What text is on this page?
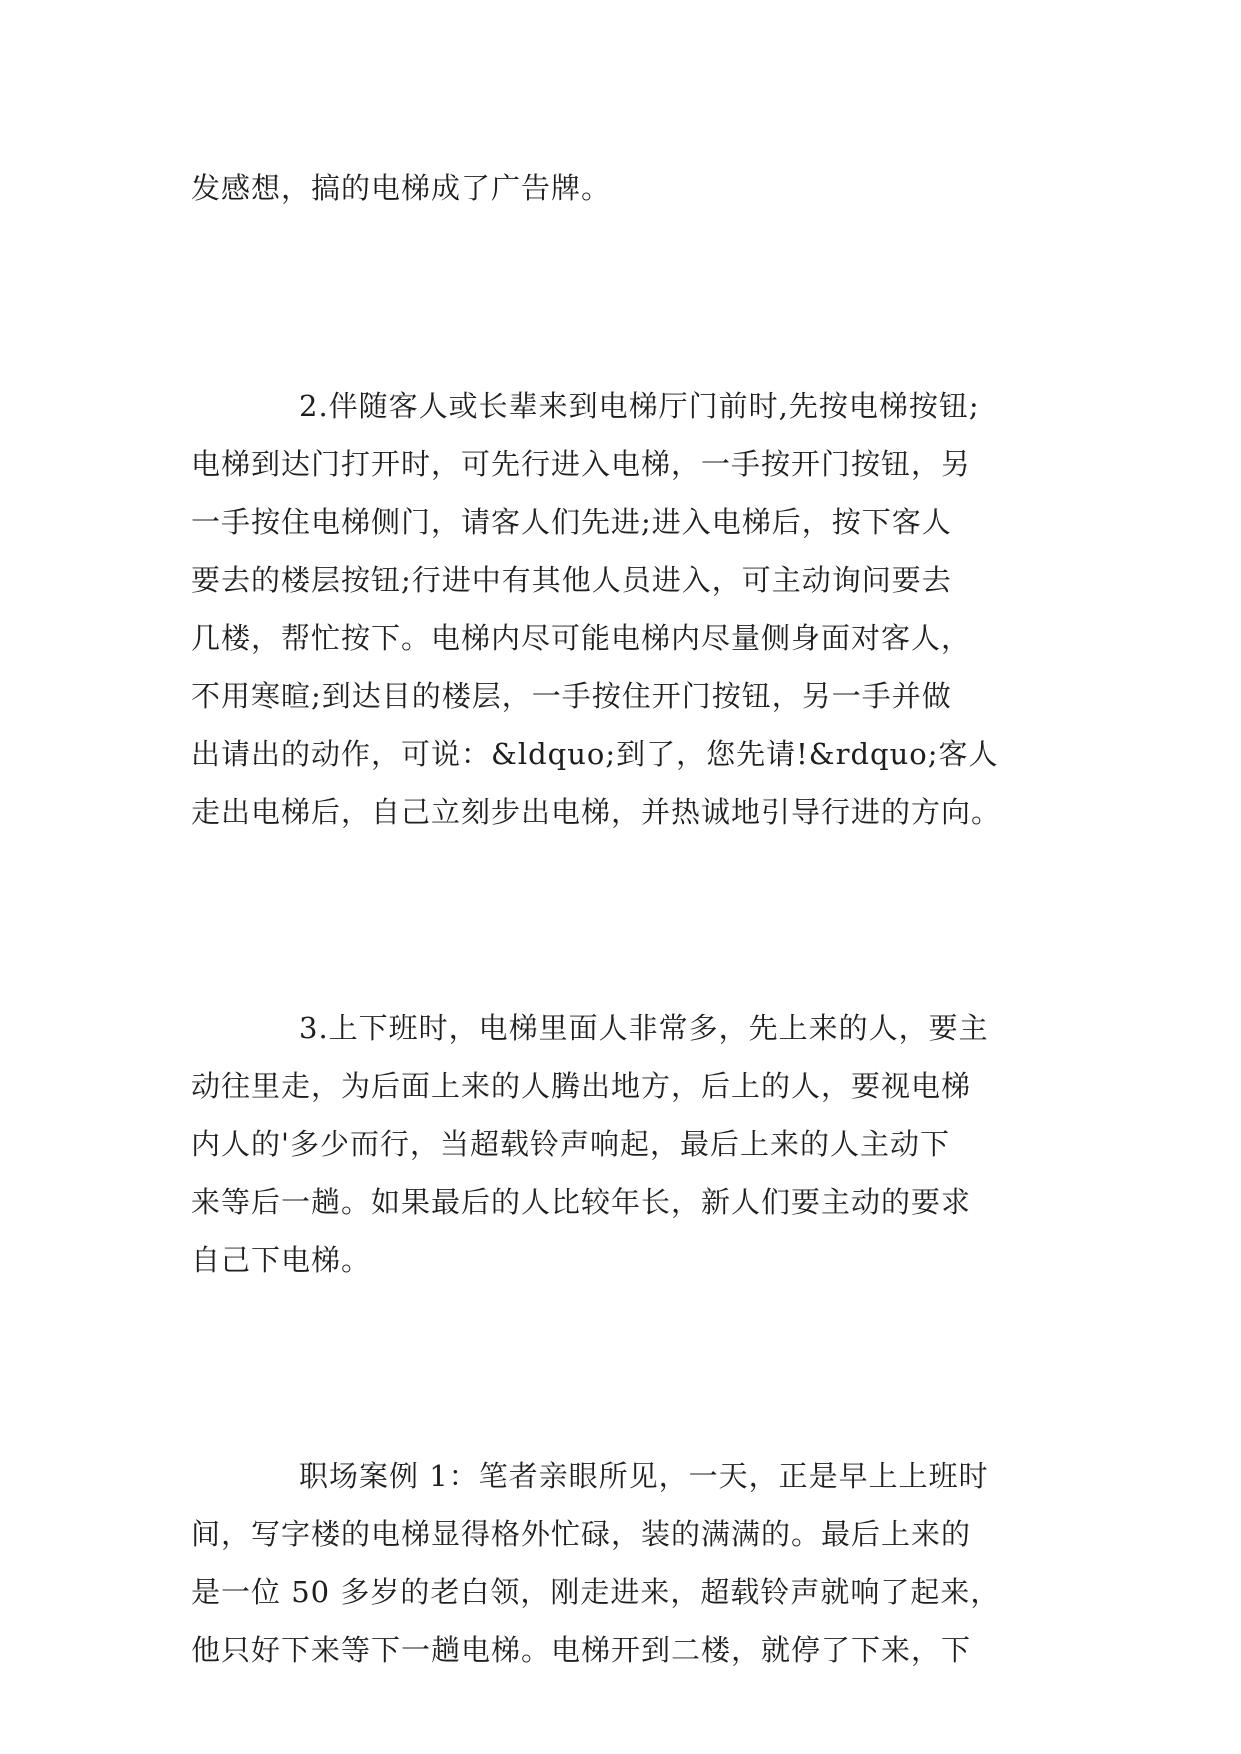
发感想，搞的电梯成了广告牌。
2.伴随客人或长辈来到电梯厅门前时,先按电梯按钮;
电梯到达门打开时，可先行进入电梯，一手按开门按钮，另
一手按住电梯侧门，请客人们先进;进入电梯后，按下客人
要去的楼层按钮;行进中有其他人员进入，可主动询问要去
几楼，帮忙按下。电梯内尽可能电梯内尽量侧身面对客人，
不用寒暄;到达目的楼层，一手按住开门按钮，另一手并做
出请出的动作，可说：&ldquo;到了，您先请!&rdquo;客人
走出电梯后，自己立刻步出电梯，并热诚地引导行进的方向。
3.上下班时，电梯里面人非常多，先上来的人，要主
动往里走，为后面上来的人腾出地方，后上的人，要视电梯
内人的'多少而行，当超载铃声响起，最后上来的人主动下
来等后一趟。如果最后的人比较年长，新人们要主动的要求
自己下电梯。
职场案例 1：笔者亲眼所见，一天，正是早上上班时
间，写字楼的电梯显得格外忙碌，装的满满的。最后上来的
是一位 50 多岁的老白领，刚走进来，超载铃声就响了起来，
他只好下来等下一趟电梯。电梯开到二楼，就停了下来，下
